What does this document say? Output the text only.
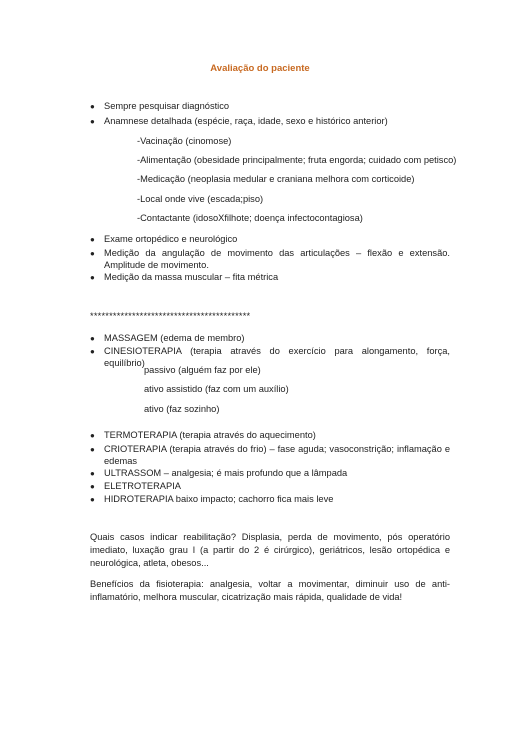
Avaliação do paciente
● Sempre pesquisar diagnóstico
● Anamnese detalhada (espécie, raça, idade, sexo e histórico anterior)
-Vacinação (cinomose)
-Alimentação (obesidade principalmente; fruta engorda; cuidado com petisco)
-Medicação (neoplasia medular e craniana melhora com corticoide)
-Local onde vive (escada;piso)
-Contactante (idosoXfilhote; doença infectocontagiosa)
● Exame ortopédico e neurológico
● Medição da angulação de movimento das articulações – flexão e extensão. Amplitude de movimento.
● Medição da massa muscular – fita métrica
******************************************
● MASSAGEM (edema de membro)
● CINESIOTERAPIA (terapia através do exercício para alongamento, força, equilíbrio)
passivo (alguém faz por ele)
ativo assistido (faz com um auxílio)
ativo (faz sozinho)
● TERMOTERAPIA (terapia através do aquecimento)
● CRIOTERAPIA (terapia através do frio) – fase aguda; vasoconstrição; inflamação e edemas
● ULTRASSOM – analgesia; é mais profundo que a lâmpada
● ELETROTERAPIA
● HIDROTERAPIA baixo impacto; cachorro fica mais leve
Quais casos indicar reabilitação? Displasia, perda de movimento, pós operatório imediato, luxação grau I (a partir do 2 é cirúrgico), geriátricos, lesão ortopédica e neurológica, atleta, obesos...
Benefícios da fisioterapia: analgesia, voltar a movimentar, diminuir uso de anti-inflamatório, melhora muscular, cicatrização mais rápida, qualidade de vida!
